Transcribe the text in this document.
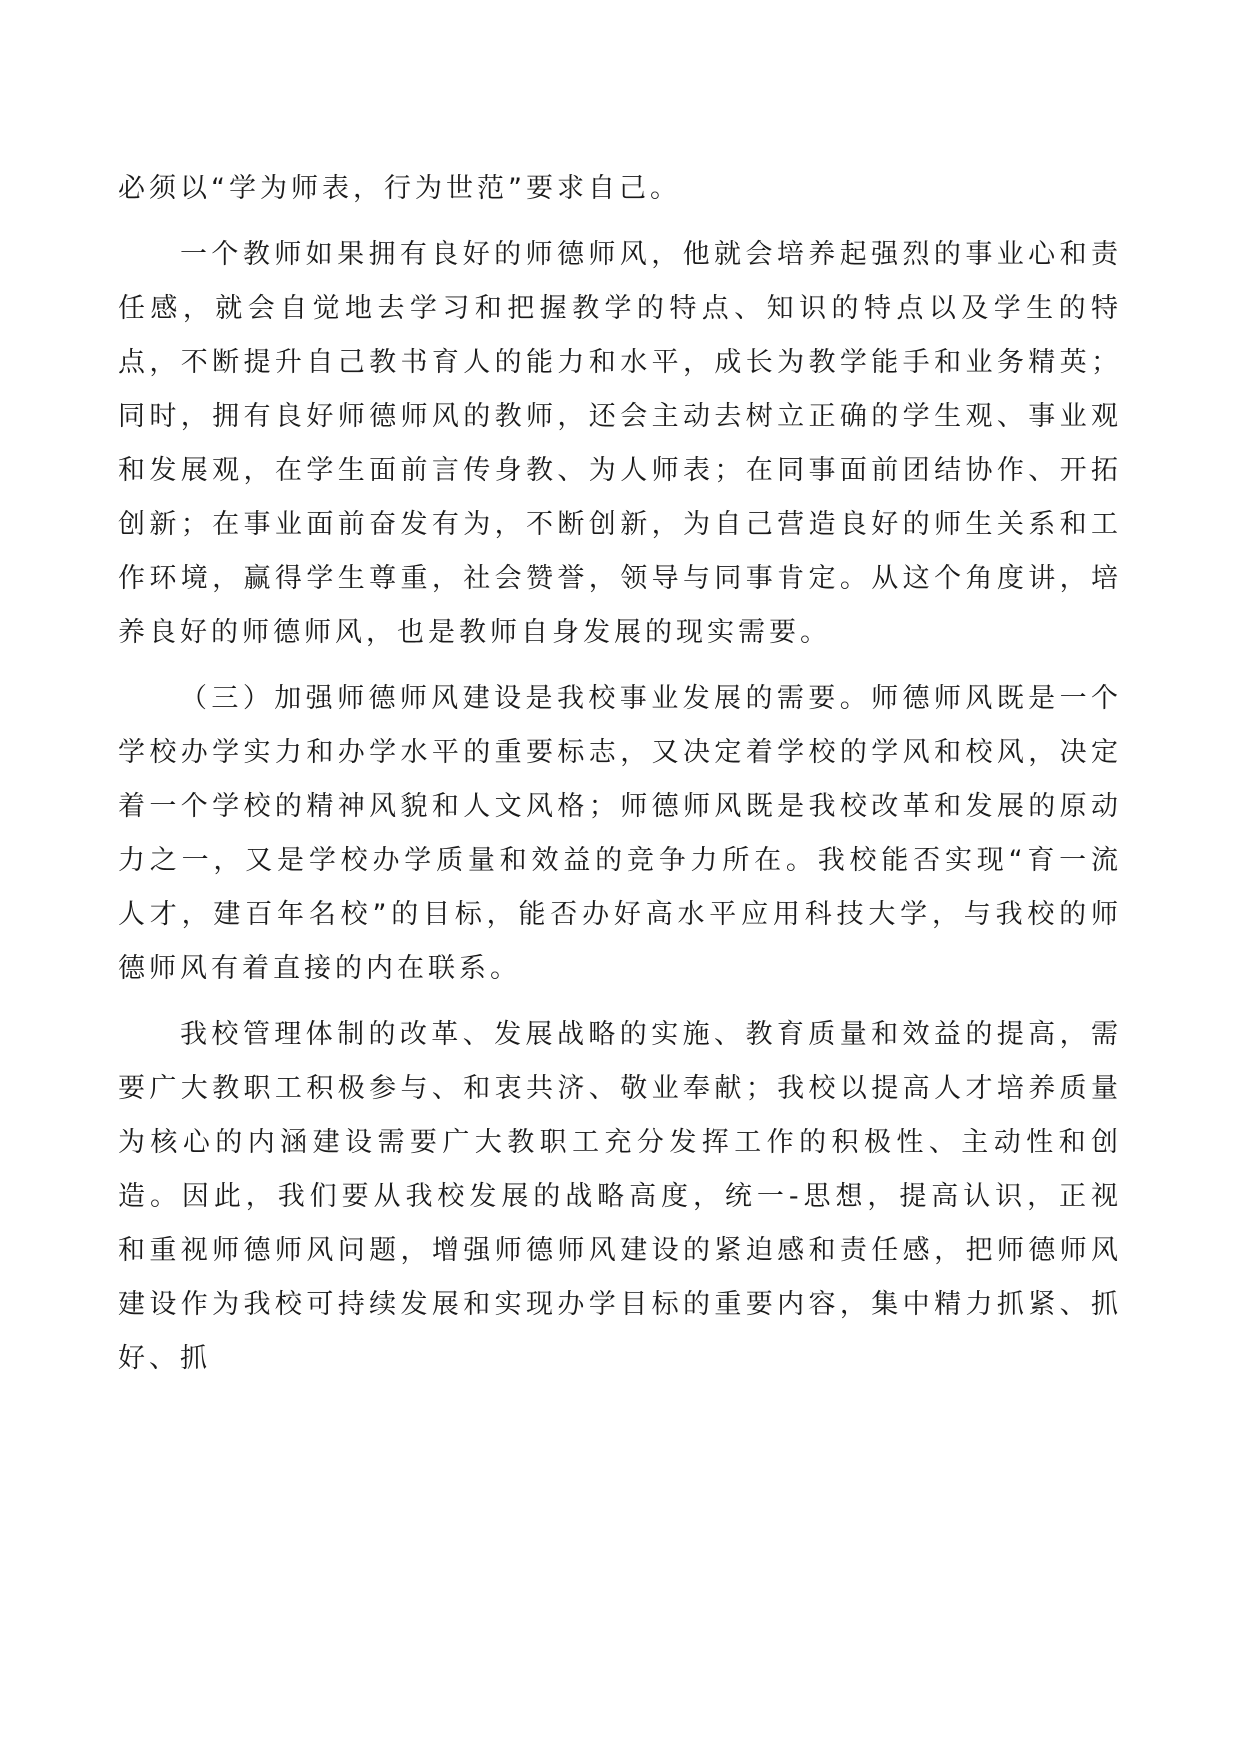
必须以“学为师表，行为世范”要求自己。

一个教师如果拥有良好的师德师风，他就会培养起强烈的事业心和责任感，就会自觉地去学习和把握教学的特点、知识的特点以及学生的特点，不断提升自己教书育人的能力和水平，成长为教学能手和业务精英；同时，拥有良好师德师风的教师，还会主动去树立正确的学生观、事业观和发展观，在学生面前言传身教、为人师表；在同事面前团结协作、开拓创新；在事业面前奋发有为，不断创新，为自己营造良好的师生关系和工作环境，赢得学生尊重，社会赞誉，领导与同事肯定。从这个角度讲，培养良好的师德师风，也是教师自身发展的现实需要。

（三）加强师德师风建设是我校事业发展的需要。师德师风既是一个学校办学实力和办学水平的重要标志，又决定着学校的学风和校风，决定着一个学校的精神风貌和人文风格；师德师风既是我校改革和发展的原动力之一，又是学校办学质量和效益的竞争力所在。我校能否实现“育一流人才，建百年名校”的目标，能否办好高水平应用科技大学，与我校的师德师风有着直接的内在联系。

我校管理体制的改革、发展战略的实施、教育质量和效益的提高，需要广大教职工积极参与、和衷共济、敬业奉献；我校以提高人才培养质量为核心的内涵建设需要广大教职工充分发挥工作的积极性、主动性和创造。因此，我们要从我校发展的战略高度，统一-思想，提高认识，正视和重视师德师风问题，增强师德师风建设的紧迫感和责任感，把师德师风建设作为我校可持续发展和实现办学目标的重要内容，集中精力抓紧、抓好、抓
